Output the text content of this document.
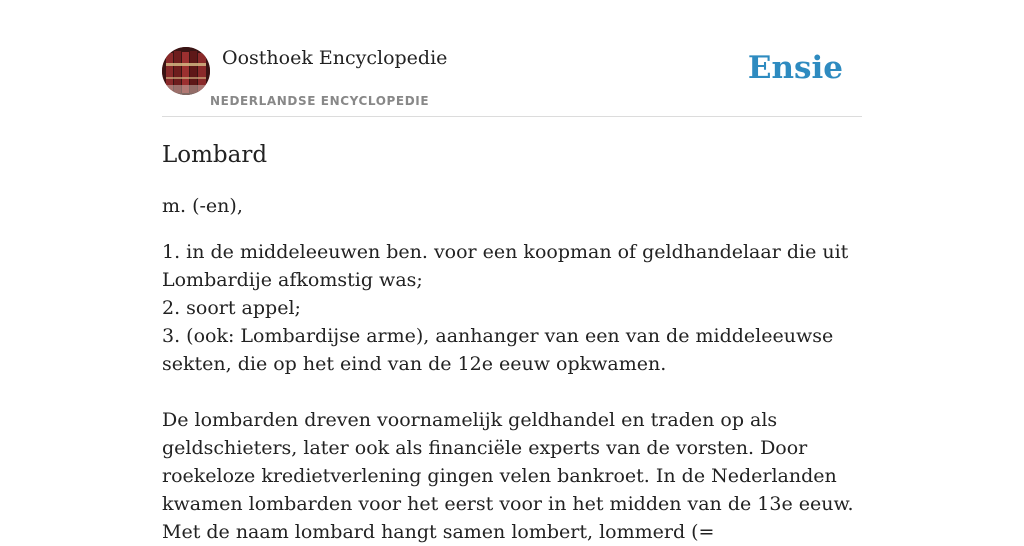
Oosthoek Encyclopedie
NEDERLANDSE ENCYCLOPEDIE
Ensie
Lombard

m. (-en),

1. in de middeleeuwen ben. voor een koopman of geldhandelaar die uit Lombardije afkomstig was;
2. soort appel;
3. (ook: Lombardijse arme), aanhanger van een van de middeleeuwse sekten, die op het eind van de 12e eeuw opkwamen.

De lombarden dreven voornamelijk geldhandel en traden op als geldschieters, later ook als financiële experts van de vorsten. Door roekeloze kredietverlening gingen velen bankroet. In de Nederlanden kwamen lombarden voor het eerst voor in het midden van de 13e eeuw. Met de naam lombard hangt samen lombert, lommerd (=
